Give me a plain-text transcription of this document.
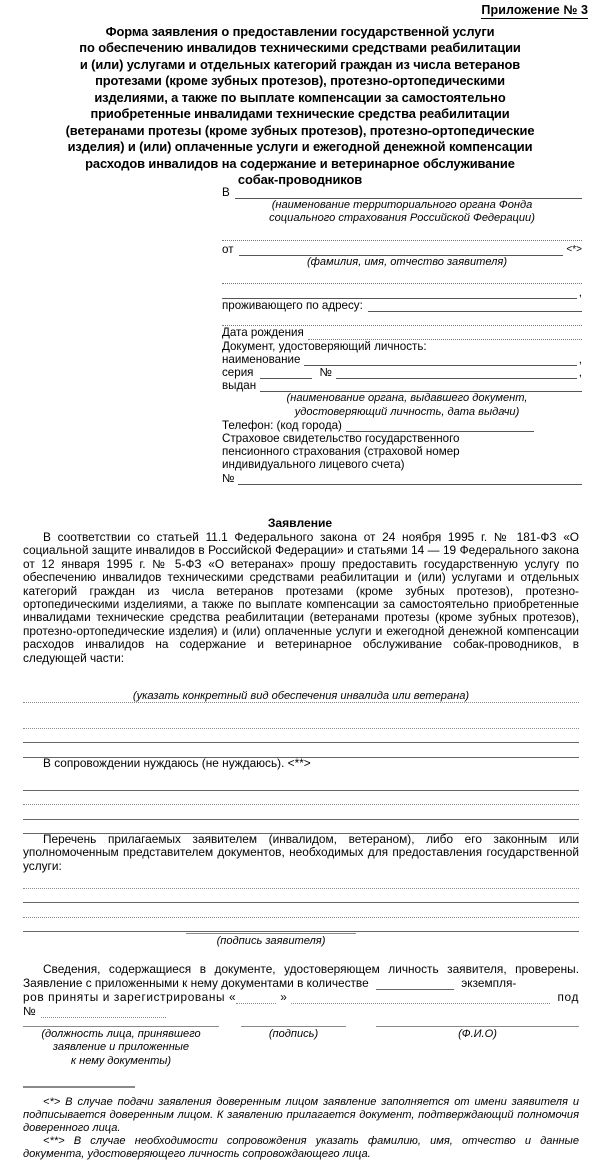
Приложение № 3
Форма заявления о предоставлении государственной услуги
по обеспечению инвалидов техническими средствами реабилитации
и (или) услугами и отдельных категорий граждан из числа ветеранов
протезами (кроме зубных протезов), протезно-ортопедическими
изделиями, а также по выплате компенсации за самостоятельно
приобретенные инвалидами технические средства реабилитации
(ветеранами протезы (кроме зубных протезов), протезно-ортопедические
изделия) и (или) оплаченные услуги и ежегодной денежной компенсации
расходов инвалидов на содержание и ветеринарное обслуживание
собак-проводников
В
(наименование территориального органа Фонда
социального страхования Российской Федерации)
от	<*>
(фамилия, имя, отчество заявителя)
,
проживающего по адресу:
Дата рождения
Документ, удостоверяющий личность:
наименование	,
серия	№	,
выдан
(наименование органа, выдавшего документ,
удостоверяющий личность, дата выдачи)
Телефон: (код города)
Страховое свидетельство государственного
пенсионного страхования (страховой номер
индивидуального лицевого счета)
№
Заявление
В соответствии со статьей 11.1 Федерального закона от 24 ноября 1995 г. № 181-ФЗ «О социальной защите инвалидов в Российской Федерации» и статьями 14 — 19 Федерального закона от 12 января 1995 г. № 5-ФЗ «О ветеранах» прошу предоставить государственную услугу по обеспечению инвалидов техническими средствами реабилитации и (или) услугами и отдельных категорий граждан из числа ветеранов протезами (кроме зубных протезов), протезно-ортопедическими изделиями, а также по выплате компенсации за самостоятельно приобретенные инвалидами технические средства реабилитации (ветеранами протезы (кроме зубных протезов), протезно-ортопедические изделия) и (или) оплаченные услуги и ежегодной денежной компенсации расходов инвалидов на содержание и ветеринарное обслуживание собак-проводников, в следующей части:
(указать конкретный вид обеспечения инвалида или ветерана)
В сопровождении нуждаюсь (не нуждаюсь). <**>
Перечень прилагаемых заявителем (инвалидом, ветераном), либо его законным или уполномоченным представителем документов, необходимых для предоставления государственной услуги:
(подпись заявителя)
Сведения, содержащиеся в документе, удостоверяющем личность заявителя, проверены. Заявление с приложенными к нему документами в количестве	экземпля-
ров приняты и зарегистрированы «	»	под
№
(должность лица, принявшего
заявление и приложенные
к нему документы)
(подпись)	(Ф.И.О)

<*> В случае подачи заявления доверенным лицом заявление заполняется от имени заявителя и подписывается доверенным лицом. К заявлению прилагается документ, подтверждающий полномочия доверенного лица.

<**> В случае необходимости сопровождения указать фамилию, имя, отчество и данные документа, удостоверяющего личность сопровождающего лица.
